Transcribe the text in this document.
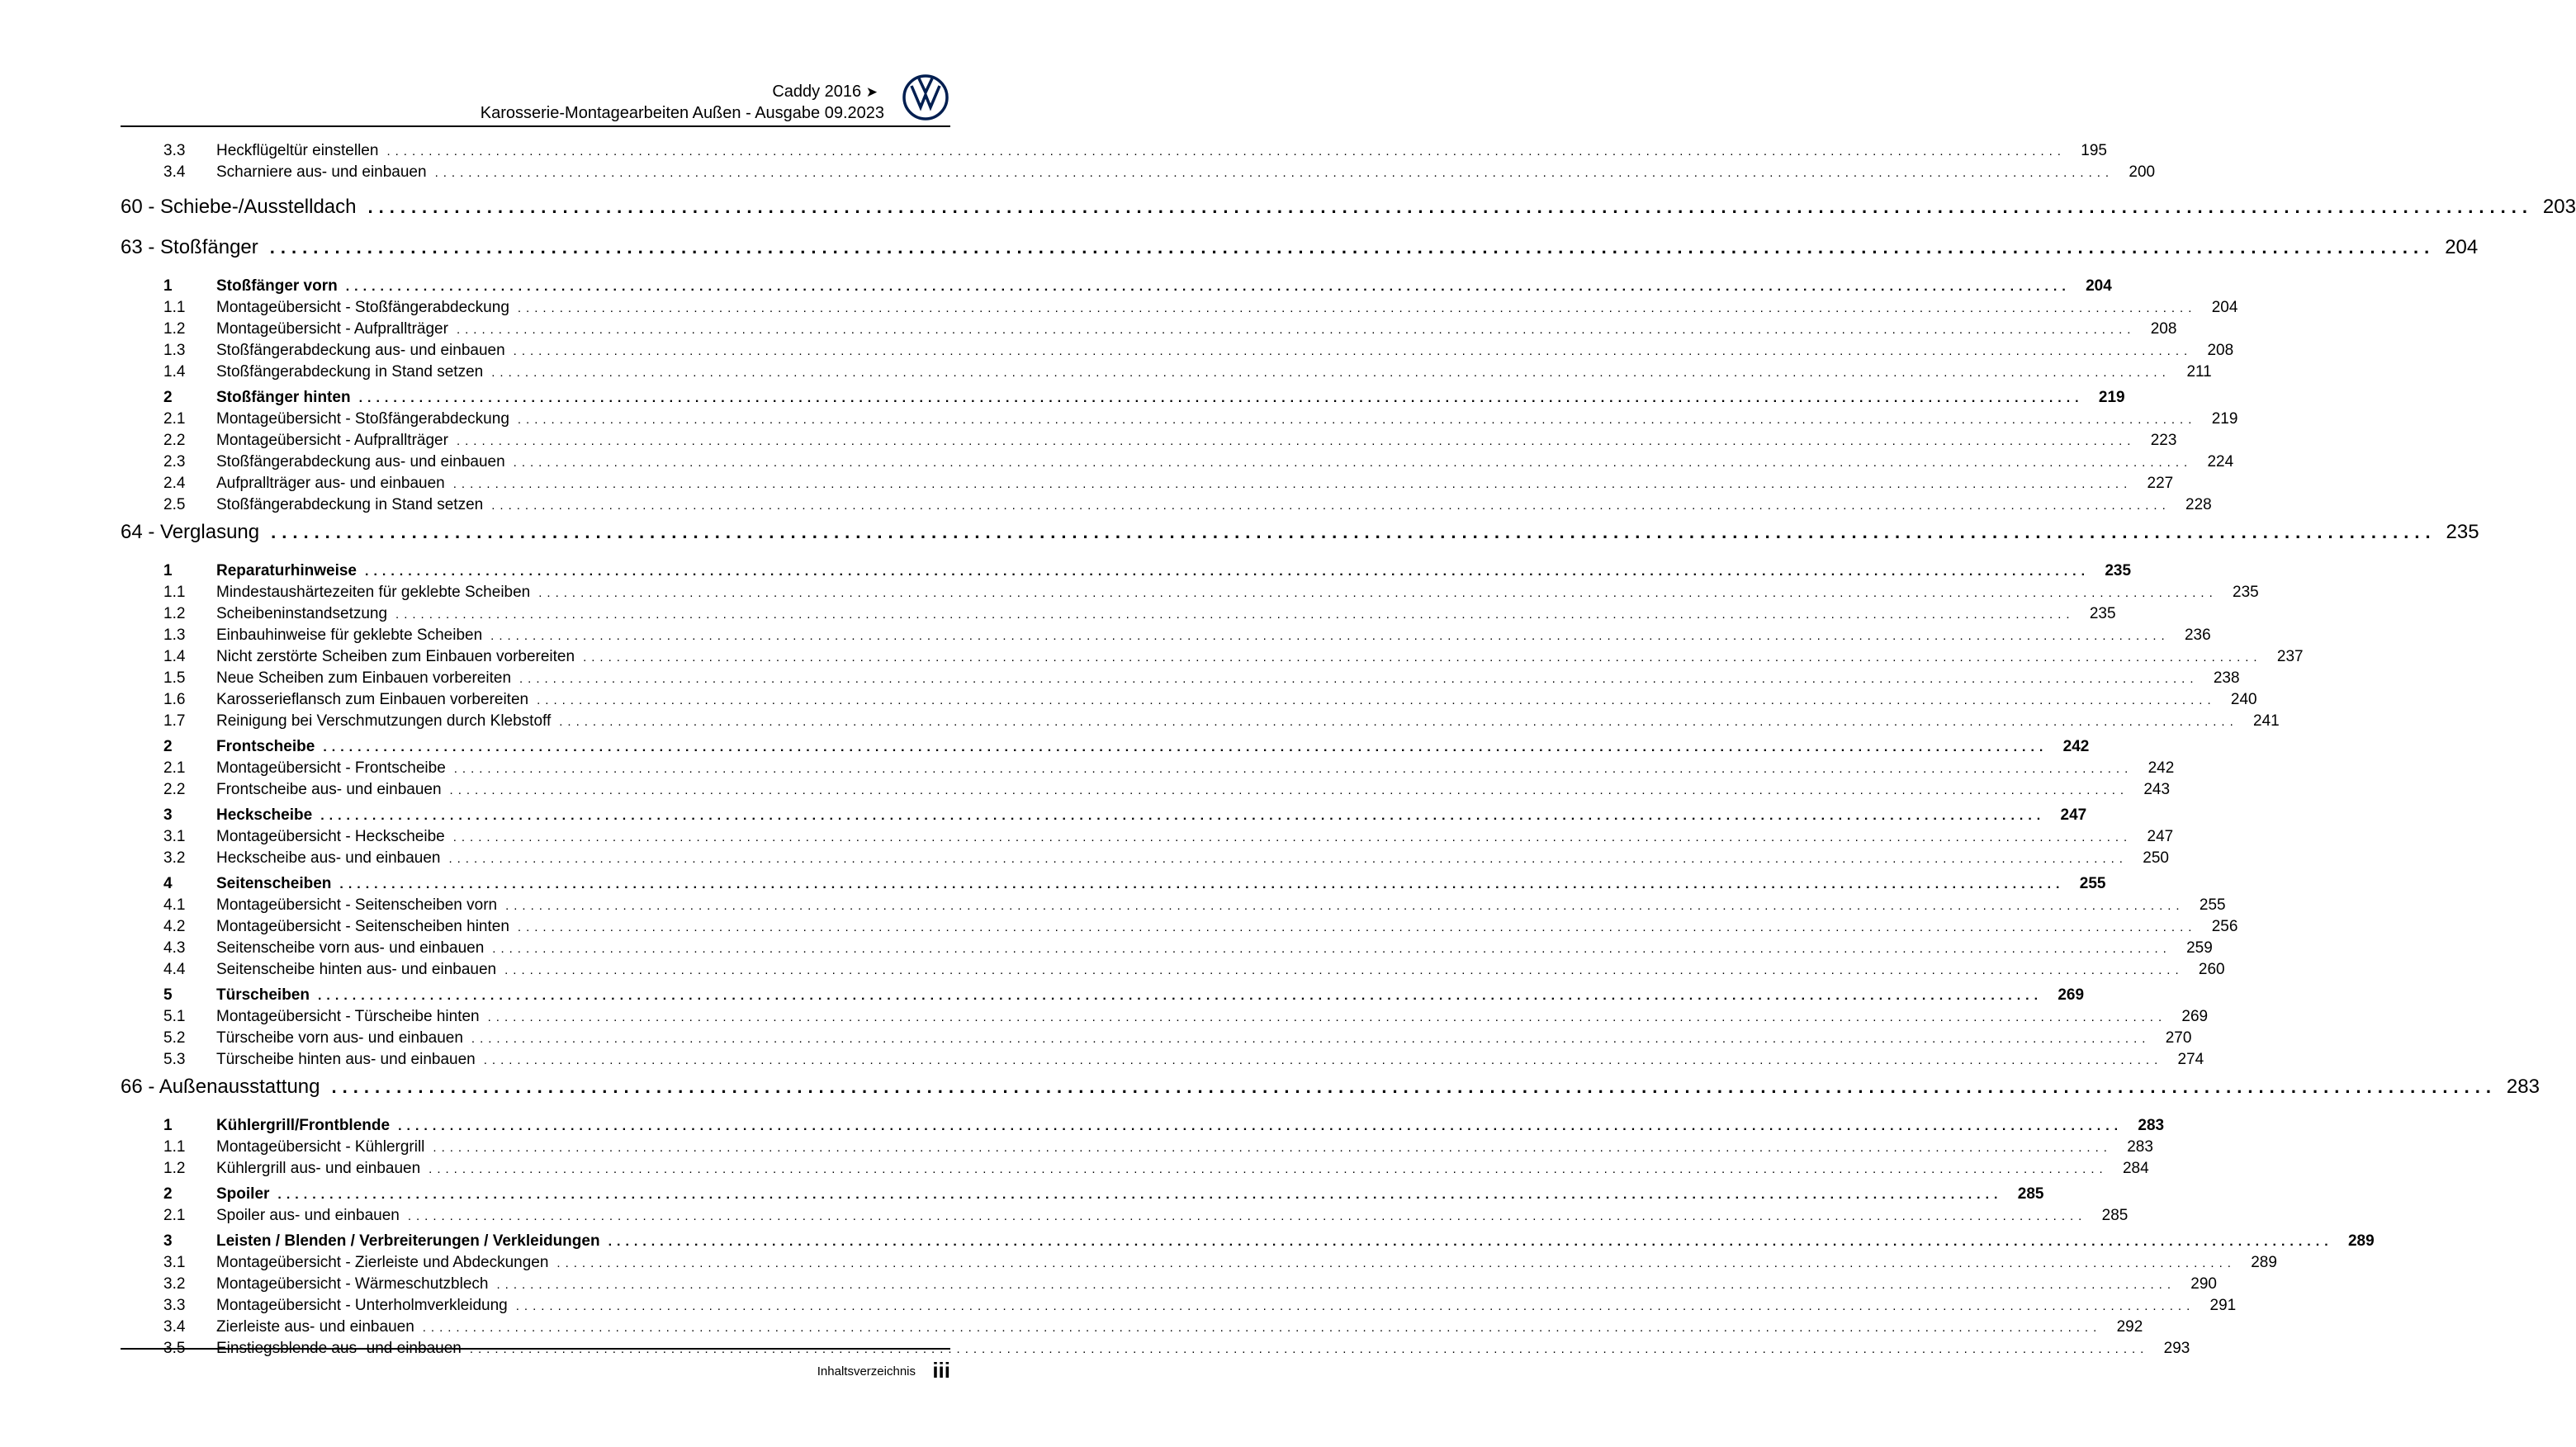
Caddy 2016 ➤
Karosserie-Montagearbeiten Außen - Ausgabe 09.2023
3.3	Heckflügeltür einstellen ........................................................................................................................................................................................................ 195
3.4	Scharniere aus- und einbauen ........................................................................................................................................................................................................ 200
60 - Schiebe-/Ausstelldach ........................................................................................................................................................................................................ 203
63 - Stoßfänger ........................................................................................................................................................................................................ 204
1	Stoßfänger vorn ........................................................................................................................................................................................................ 204
1.1	Montageübersicht - Stoßfängerabdeckung ........................................................................................................................................................................................................ 204
1.2	Montageübersicht - Aufprallträger ........................................................................................................................................................................................................ 208
1.3	Stoßfängerabdeckung aus- und einbauen ........................................................................................................................................................................................................ 208
1.4	Stoßfängerabdeckung in Stand setzen ........................................................................................................................................................................................................	211
2	Stoßfänger hinten ........................................................................................................................................................................................................ 219
2.1	Montageübersicht - Stoßfängerabdeckung ........................................................................................................................................................................................................ 219
2.2	Montageübersicht - Aufprallträger ........................................................................................................................................................................................................ 223
2.3	Stoßfängerabdeckung aus- und einbauen ........................................................................................................................................................................................................ 224
2.4	Aufprallträger aus- und einbauen ........................................................................................................................................................................................................ 227
2.5	Stoßfängerabdeckung in Stand setzen ........................................................................................................................................................................................................ 228
64 - Verglasung ........................................................................................................................................................................................................ 235
1	Reparaturhinweise ........................................................................................................................................................................................................ 235
1.1	Mindestaushärtezeiten für geklebte Scheiben ........................................................................................................................................................................................................ 235
1.2	Scheibeninstandsetzung ........................................................................................................................................................................................................ 235
1.3	Einbauhinweise für geklebte Scheiben ........................................................................................................................................................................................................ 236
1.4	Nicht zerstörte Scheiben zum Einbauen vorbereiten ........................................................................................................................................................................................................ 237
1.5	Neue Scheiben zum Einbauen vorbereiten ........................................................................................................................................................................................................ 238
1.6	Karosserieflansch zum Einbauen vorbereiten ........................................................................................................................................................................................................ 240
1.7	Reinigung bei Verschmutzungen durch Klebstoff ........................................................................................................................................................................................................ 241
2	Frontscheibe ........................................................................................................................................................................................................ 242
2.1	Montageübersicht - Frontscheibe ........................................................................................................................................................................................................ 242
2.2	Frontscheibe aus- und einbauen ........................................................................................................................................................................................................ 243
3	Heckscheibe ........................................................................................................................................................................................................ 247
3.1	Montageübersicht - Heckscheibe ........................................................................................................................................................................................................ 247
3.2	Heckscheibe aus- und einbauen ........................................................................................................................................................................................................ 250
4	Seitenscheiben ........................................................................................................................................................................................................ 255
4.1	Montageübersicht - Seitenscheiben vorn ........................................................................................................................................................................................................ 255
4.2	Montageübersicht - Seitenscheiben hinten ........................................................................................................................................................................................................ 256
4.3	Seitenscheibe vorn aus- und einbauen ........................................................................................................................................................................................................ 259
4.4	Seitenscheibe hinten aus- und einbauen ........................................................................................................................................................................................................ 260
5	Türscheiben ........................................................................................................................................................................................................ 269
5.1	Montageübersicht - Türscheibe hinten ........................................................................................................................................................................................................ 269
5.2	Türscheibe vorn aus- und einbauen ........................................................................................................................................................................................................ 270
5.3	Türscheibe hinten aus- und einbauen ........................................................................................................................................................................................................ 274
66 - Außenausstattung ........................................................................................................................................................................................................ 283
1	Kühlergrill/Frontblende ........................................................................................................................................................................................................ 283
1.1	Montageübersicht - Kühlergrill ........................................................................................................................................................................................................ 283
1.2	Kühlergrill aus- und einbauen ........................................................................................................................................................................................................ 284
2	Spoiler ........................................................................................................................................................................................................ 285
2.1	Spoiler aus- und einbauen ........................................................................................................................................................................................................ 285
3	Leisten / Blenden / Verbreiterungen / Verkleidungen ........................................................................................................................................................................................................ 289
3.1	Montageübersicht - Zierleiste und Abdeckungen ........................................................................................................................................................................................................ 289
3.2	Montageübersicht - Wärmeschutzblech ........................................................................................................................................................................................................ 290
3.3	Montageübersicht - Unterholmverkleidung ........................................................................................................................................................................................................ 291
3.4	Zierleiste aus- und einbauen ........................................................................................................................................................................................................ 292
3.5	Einstiegsblende aus- und einbauen ........................................................................................................................................................................................................ 293
Inhaltsverzeichnis iii
